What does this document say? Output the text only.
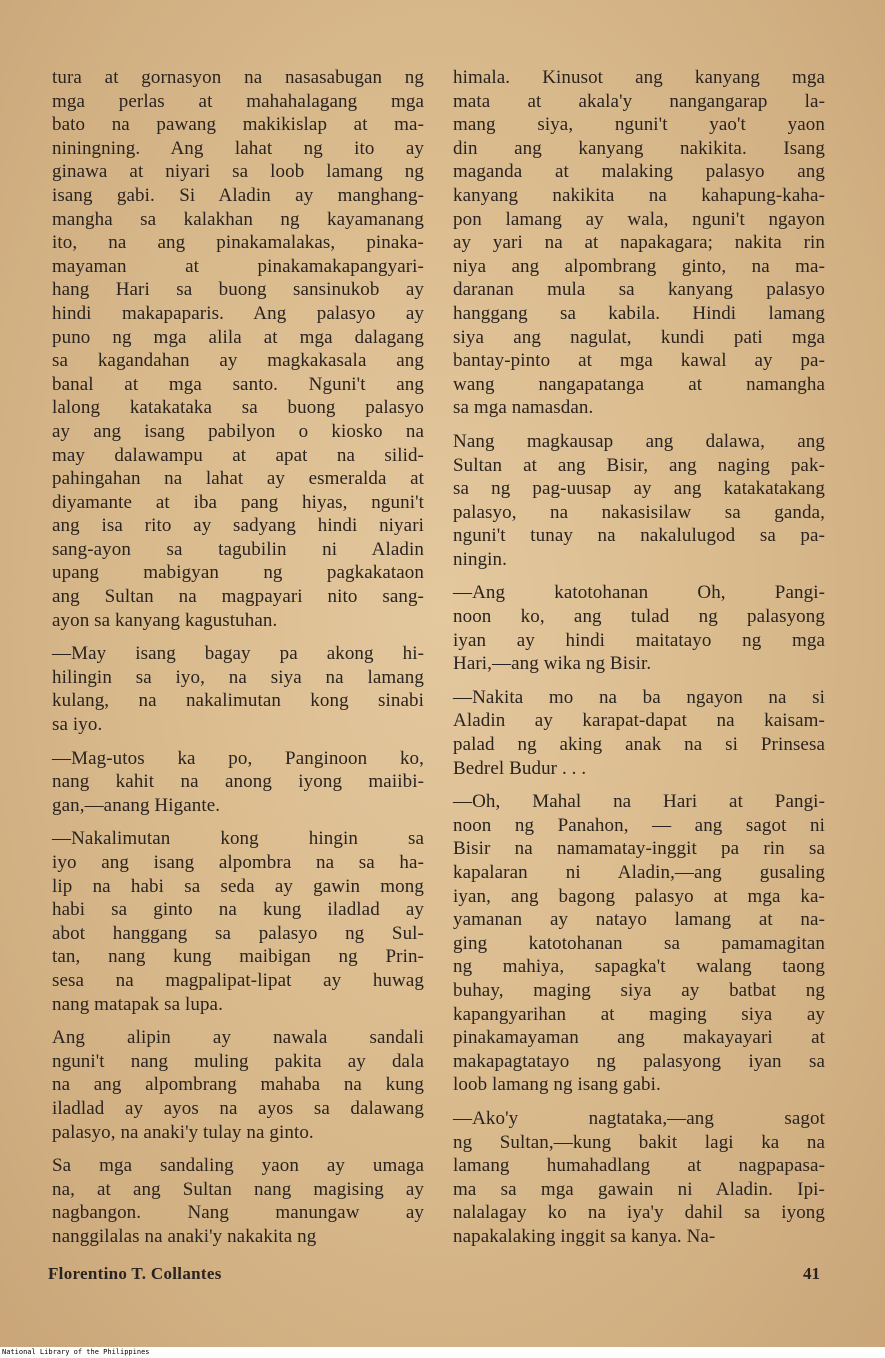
tura at gornasyon na nasasabugan ng
mga perlas at mahahalagang mga
bato na pawang makikislap at ma-
niningning. Ang lahat ng ito ay
ginawa at niyari sa loob lamang ng
isang gabi. Si Aladin ay manghang-
mangha sa kalakhan ng kayamanang
ito, na ang pinakamalakas, pinaka-
mayaman at pinakamakapangyari-
hang Hari sa buong sansinukob ay
hindi makapaparis. Ang palasyo ay
puno ng mga alila at mga dalagang
sa kagandahan ay magkakasala ang
banal at mga santo. Nguni't ang
lalong katakataka sa buong palasyo
ay ang isang pabilyon o kiosko na
may dalawampu at apat na silid-
pahingahan na lahat ay esmeralda at
diyamante at iba pang hiyas, nguni't
ang isa rito ay sadyang hindi niyari
sang-ayon sa tagubilin ni Aladin
upang mabigyan ng pagkakataon
ang Sultan na magpayari nito sang-
ayon sa kanyang kagustuhan.
—May isang bagay pa akong hi-
hilingin sa iyo, na siya na lamang
kulang, na nakalimutan kong sinabi
sa iyo.
—Mag-utos ka po, Panginoon ko,
nang kahit na anong iyong maiibi-
gan,—anang Higante.
—Nakalimutan kong hingin sa
iyo ang isang alpombra na sa ha-
lip na habi sa seda ay gawin mong
habi sa ginto na kung iladlad ay
abot hanggang sa palasyo ng Sul-
tan, nang kung maibigan ng Prin-
sesa na magpalipat-lipat ay huwag
nang matapak sa lupa.
Ang alipin ay nawala sandali
nguni't nang muling pakita ay dala
na ang alpombrang mahaba na kung
iladlad ay ayos na ayos sa dalawang
palasyo, na anaki'y tulay na ginto.
Sa mga sandaling yaon ay umaga
na, at ang Sultan nang magising ay
nagbangon. Nang manungaw ay
nanggilalas na anaki'y nakakita ng
himala. Kinusot ang kanyang mga
mata at akala'y nangangarap la-
mang siya, nguni't yao't yaon
din ang kanyang nakikita. Isang
maganda at malaking palasyo ang
kanyang nakikita na kahapung-kaha-
pon lamang ay wala, nguni't ngayon
ay yari na at napakagara; nakita rin
niya ang alpombrang ginto, na ma-
daranan mula sa kanyang palasyo
hanggang sa kabila. Hindi lamang
siya ang nagulat, kundi pati mga
bantay-pinto at mga kawal ay pa-
wang nangapatanga at namangha
sa mga namasdan.
Nang magkausap ang dalawa, ang
Sultan at ang Bisir, ang naging pak-
sa ng pag-uusap ay ang katakatakang
palasyo, na nakasisilaw sa ganda,
nguni't tunay na nakalulugod sa pa-
ningin.
—Ang katotohanan Oh, Pangi-
noon ko, ang tulad ng palasyong
iyan ay hindi maitatayo ng mga
Hari,—ang wika ng Bisir.
—Nakita mo na ba ngayon na si
Aladin ay karapat-dapat na kaisam-
palad ng aking anak na si Prinsesa
Bedrel Budur . . .
—Oh, Mahal na Hari at Pangi-
noon ng Panahon, — ang sagot ni
Bisir na namamatay-inggit pa rin sa
kapalaran ni Aladin,—ang gusaling
iyan, ang bagong palasyo at mga ka-
yamanan ay natayo lamang at na-
ging katotohanan sa pamamagitan
ng mahiya, sapagka't walang taong
buhay, maging siya ay batbat ng
kapangyarihan at maging siya ay
pinakamayaman ang makayayari at
makapagtatayo ng palasyong iyan sa
loob lamang ng isang gabi.
—Ako'y nagtataka,—ang sagot
ng Sultan,—kung bakit lagi ka na
lamang humahadlang at nagpapasa-
ma sa mga gawain ni Aladin. Ipi-
nalalagay ko na iya'y dahil sa iyong
napakalaking inggit sa kanya. Na-
Florentino T. Collantes	41
National Library of the Philippines
